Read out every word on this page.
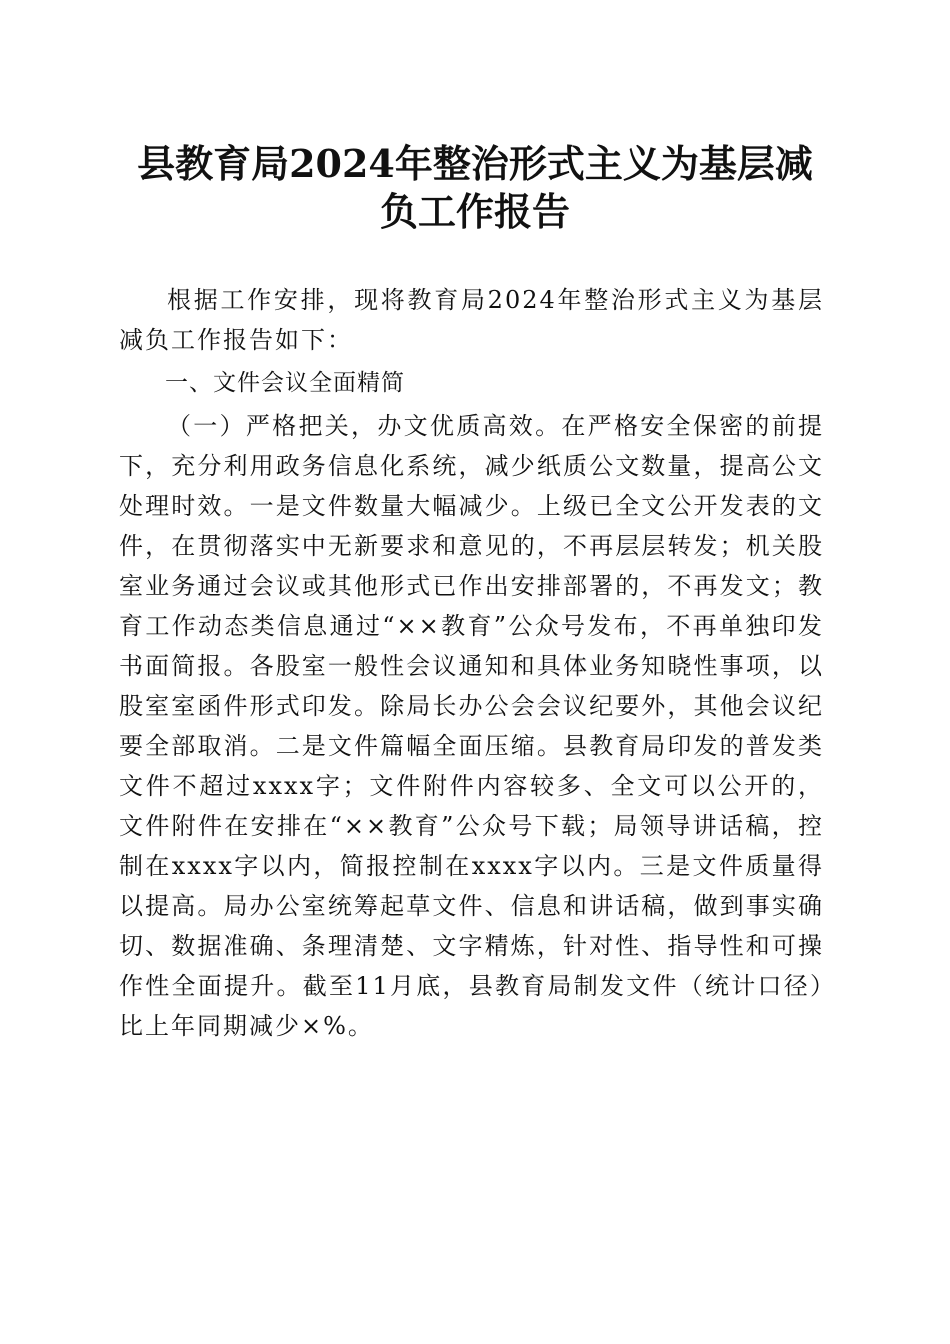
县教育局2024年整治形式主义为基层减负工作报告

根据工作安排，现将教育局2024年整治形式主义为基层减负工作报告如下：

一、文件会议全面精简

（一）严格把关，办文优质高效。在严格安全保密的前提下，充分利用政务信息化系统，减少纸质公文数量，提高公文处理时效。一是文件数量大幅减少。上级已全文公开发表的文件，在贯彻落实中无新要求和意见的，不再层层转发；机关股室业务通过会议或其他形式已作出安排部署的，不再发文；教育工作动态类信息通过“××教育”公众号发布，不再单独印发书面简报。各股室一般性会议通知和具体业务知晓性事项，以股室室函件形式印发。除局长办公会会议纪要外，其他会议纪要全部取消。二是文件篇幅全面压缩。县教育局印发的普发类文件不超过xxxx字；文件附件内容较多、全文可以公开的，文件附件在安排在“××教育”公众号下载；局领导讲话稿，控制在xxxx字以内，简报控制在xxxx字以内。三是文件质量得以提高。局办公室统筹起草文件、信息和讲话稿，做到事实确切、数据准确、条理清楚、文字精炼，针对性、指导性和可操作性全面提升。截至11月底，县教育局制发文件（统计口径）比上年同期减少×%。
